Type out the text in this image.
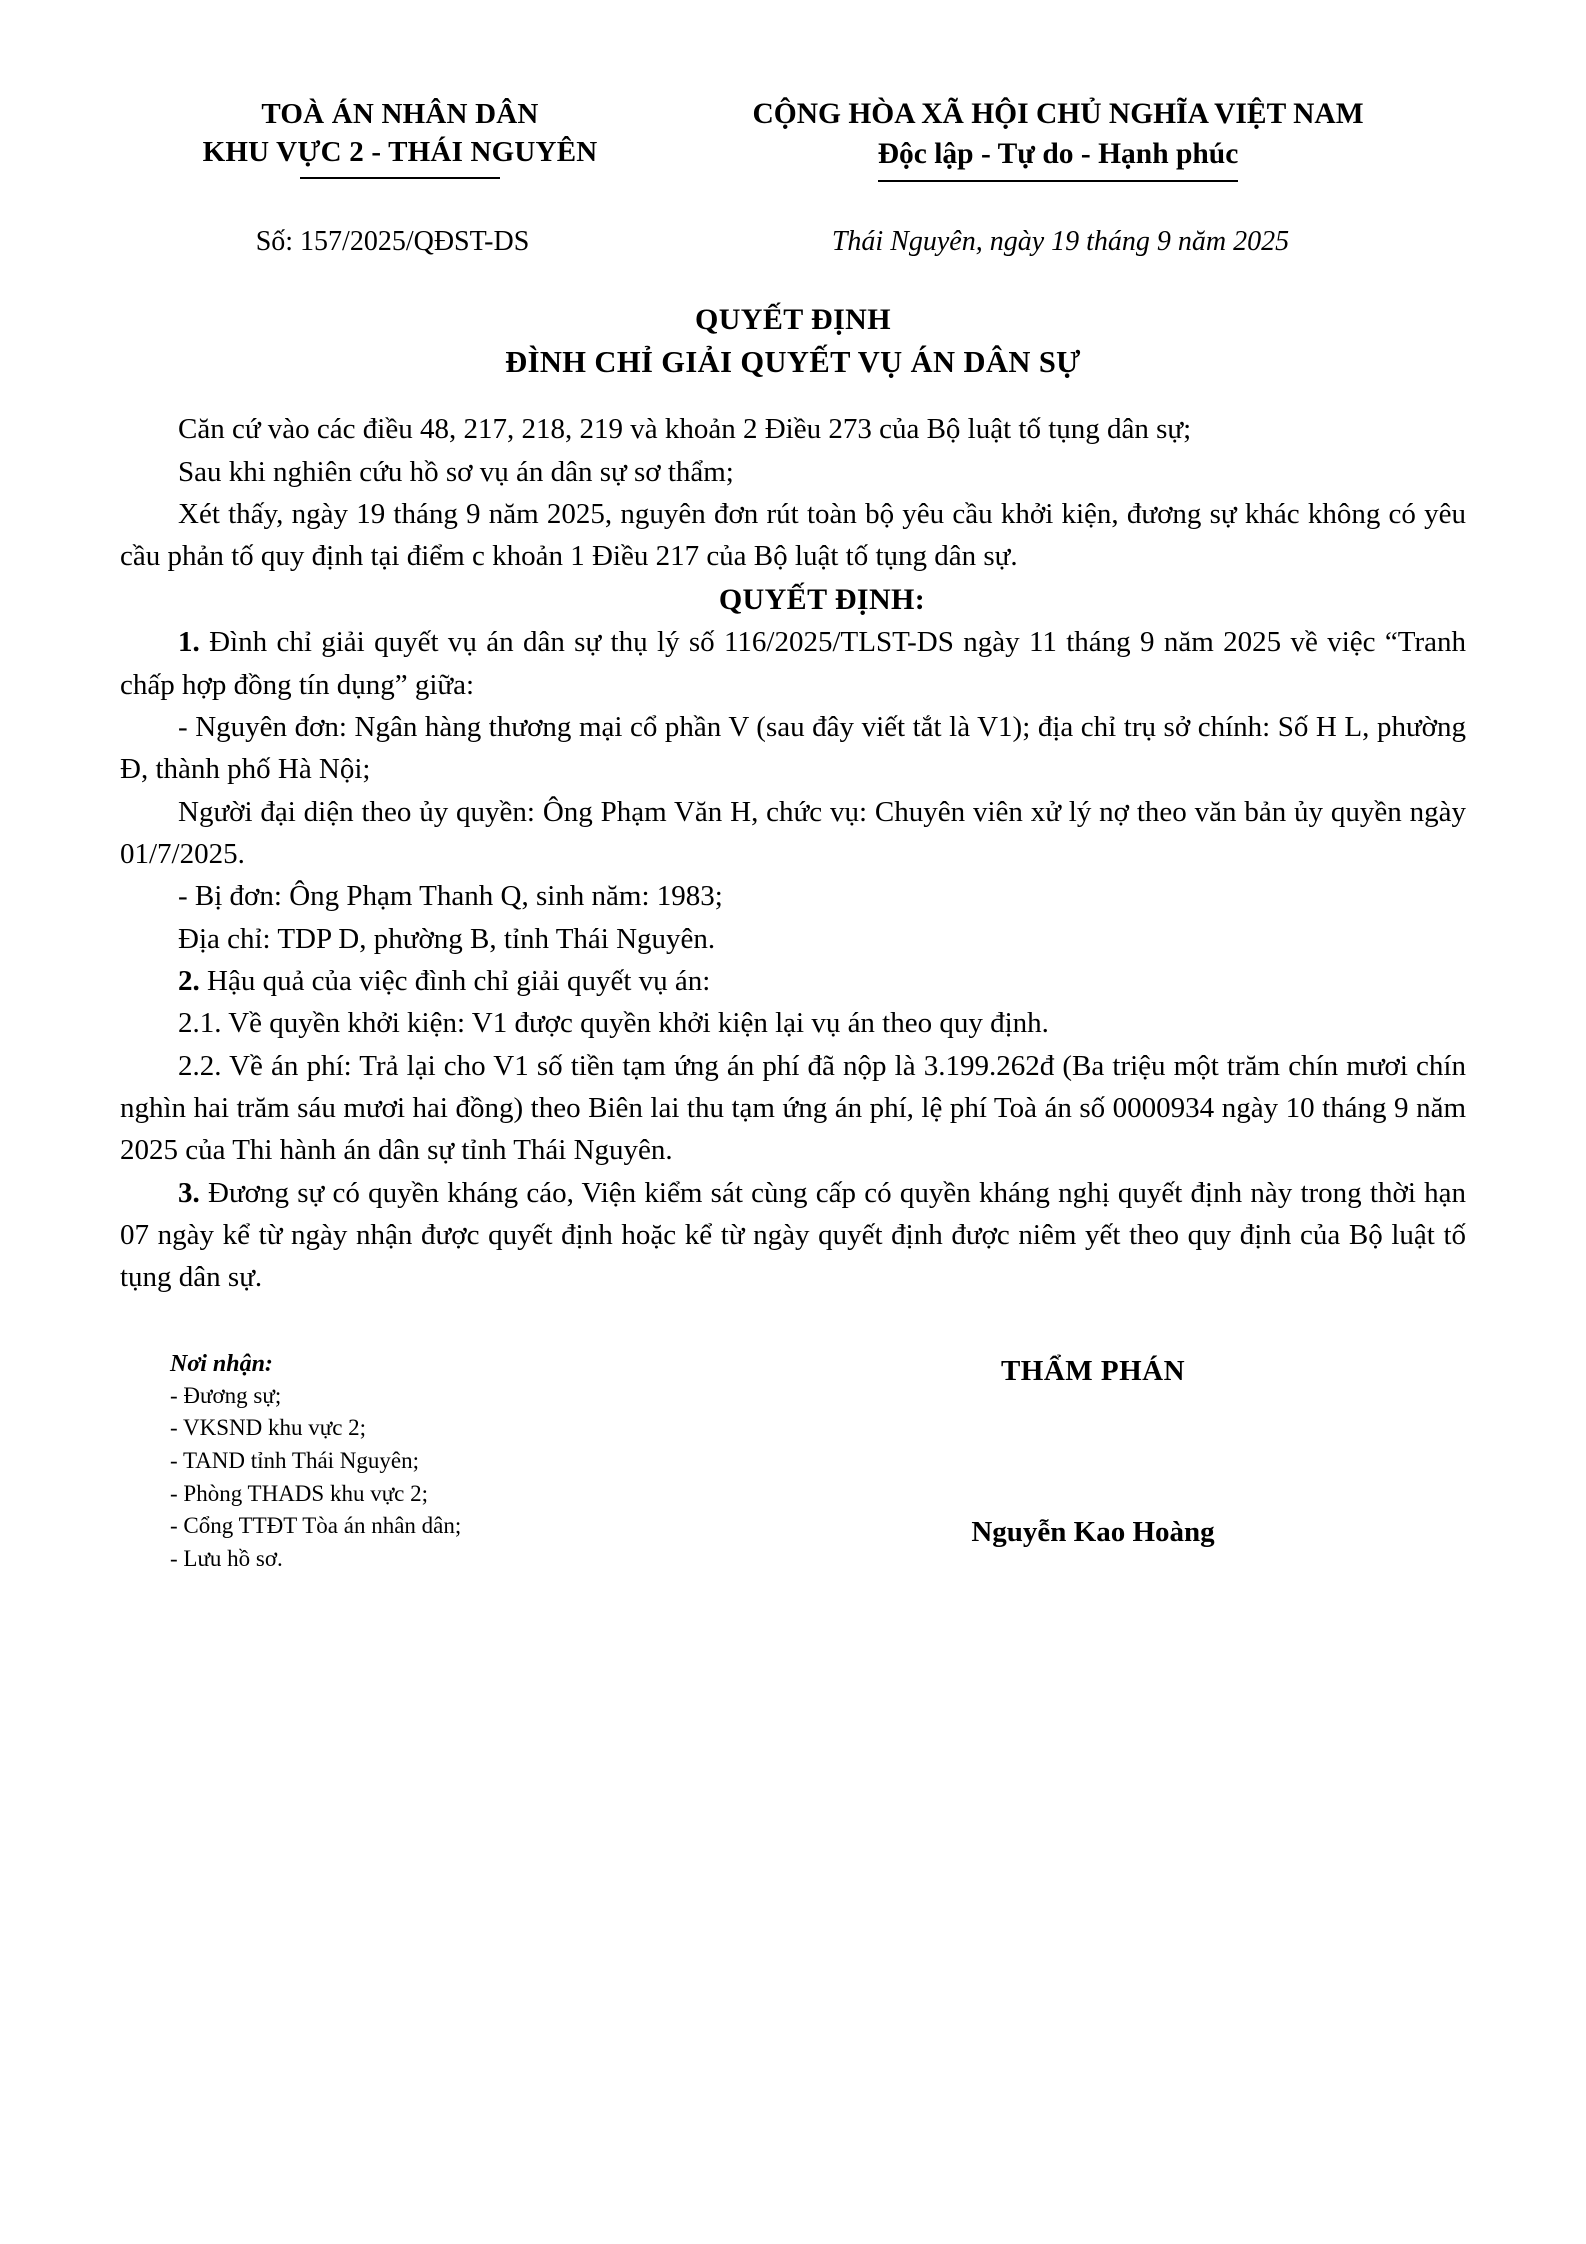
TOÀ ÁN NHÂN DÂN
KHU VỰC 2 - THÁI NGUYÊN
CỘNG HÒA XÃ HỘI CHỦ NGHĨA VIỆT NAM
Độc lập - Tự do - Hạnh phúc
Số: 157/2025/QĐST-DS	Thái Nguyên, ngày 19 tháng 9 năm 2025
QUYẾT ĐỊNH
ĐÌNH CHỈ GIẢI QUYẾT VỤ ÁN DÂN SỰ

Căn cứ vào các điều 48, 217, 218, 219 và khoản 2 Điều 273 của Bộ luật tố tụng dân sự;

Sau khi nghiên cứu hồ sơ vụ án dân sự sơ thẩm;

Xét thấy, ngày 19 tháng 9 năm 2025, nguyên đơn rút toàn bộ yêu cầu khởi kiện, đương sự khác không có yêu cầu phản tố quy định tại điểm c khoản 1 Điều 217 của Bộ luật tố tụng dân sự.

QUYẾT ĐỊNH:

1. Đình chỉ giải quyết vụ án dân sự thụ lý số 116/2025/TLST-DS ngày 11 tháng 9 năm 2025 về việc “Tranh chấp hợp đồng tín dụng” giữa:

- Nguyên đơn: Ngân hàng thương mại cổ phần V (sau đây viết tắt là V1); địa chỉ trụ sở chính: Số H L, phường Đ, thành phố Hà Nội;

Người đại diện theo ủy quyền: Ông Phạm Văn H, chức vụ: Chuyên viên xử lý nợ theo văn bản ủy quyền ngày 01/7/2025.

- Bị đơn: Ông Phạm Thanh Q, sinh năm: 1983;

Địa chỉ: TDP D, phường B, tỉnh Thái Nguyên.

2. Hậu quả của việc đình chỉ giải quyết vụ án:

2.1. Về quyền khởi kiện: V1 được quyền khởi kiện lại vụ án theo quy định.

2.2. Về án phí: Trả lại cho V1 số tiền tạm ứng án phí đã nộp là 3.199.262đ (Ba triệu một trăm chín mươi chín nghìn hai trăm sáu mươi hai đồng) theo Biên lai thu tạm ứng án phí, lệ phí Toà án số 0000934 ngày 10 tháng 9 năm 2025 của Thi hành án dân sự tỉnh Thái Nguyên.

3. Đương sự có quyền kháng cáo, Viện kiểm sát cùng cấp có quyền kháng nghị quyết định này trong thời hạn 07 ngày kể từ ngày nhận được quyết định hoặc kể từ ngày quyết định được niêm yết theo quy định của Bộ luật tố tụng dân sự.

Nơi nhận:
- Đương sự;
- VKSND khu vực 2;
- TAND tỉnh Thái Nguyên;
- Phòng THADS khu vực 2;
- Cổng TTĐT Tòa án nhân dân;
- Lưu hồ sơ.
THẨM PHÁN
Nguyễn Kao Hoàng
